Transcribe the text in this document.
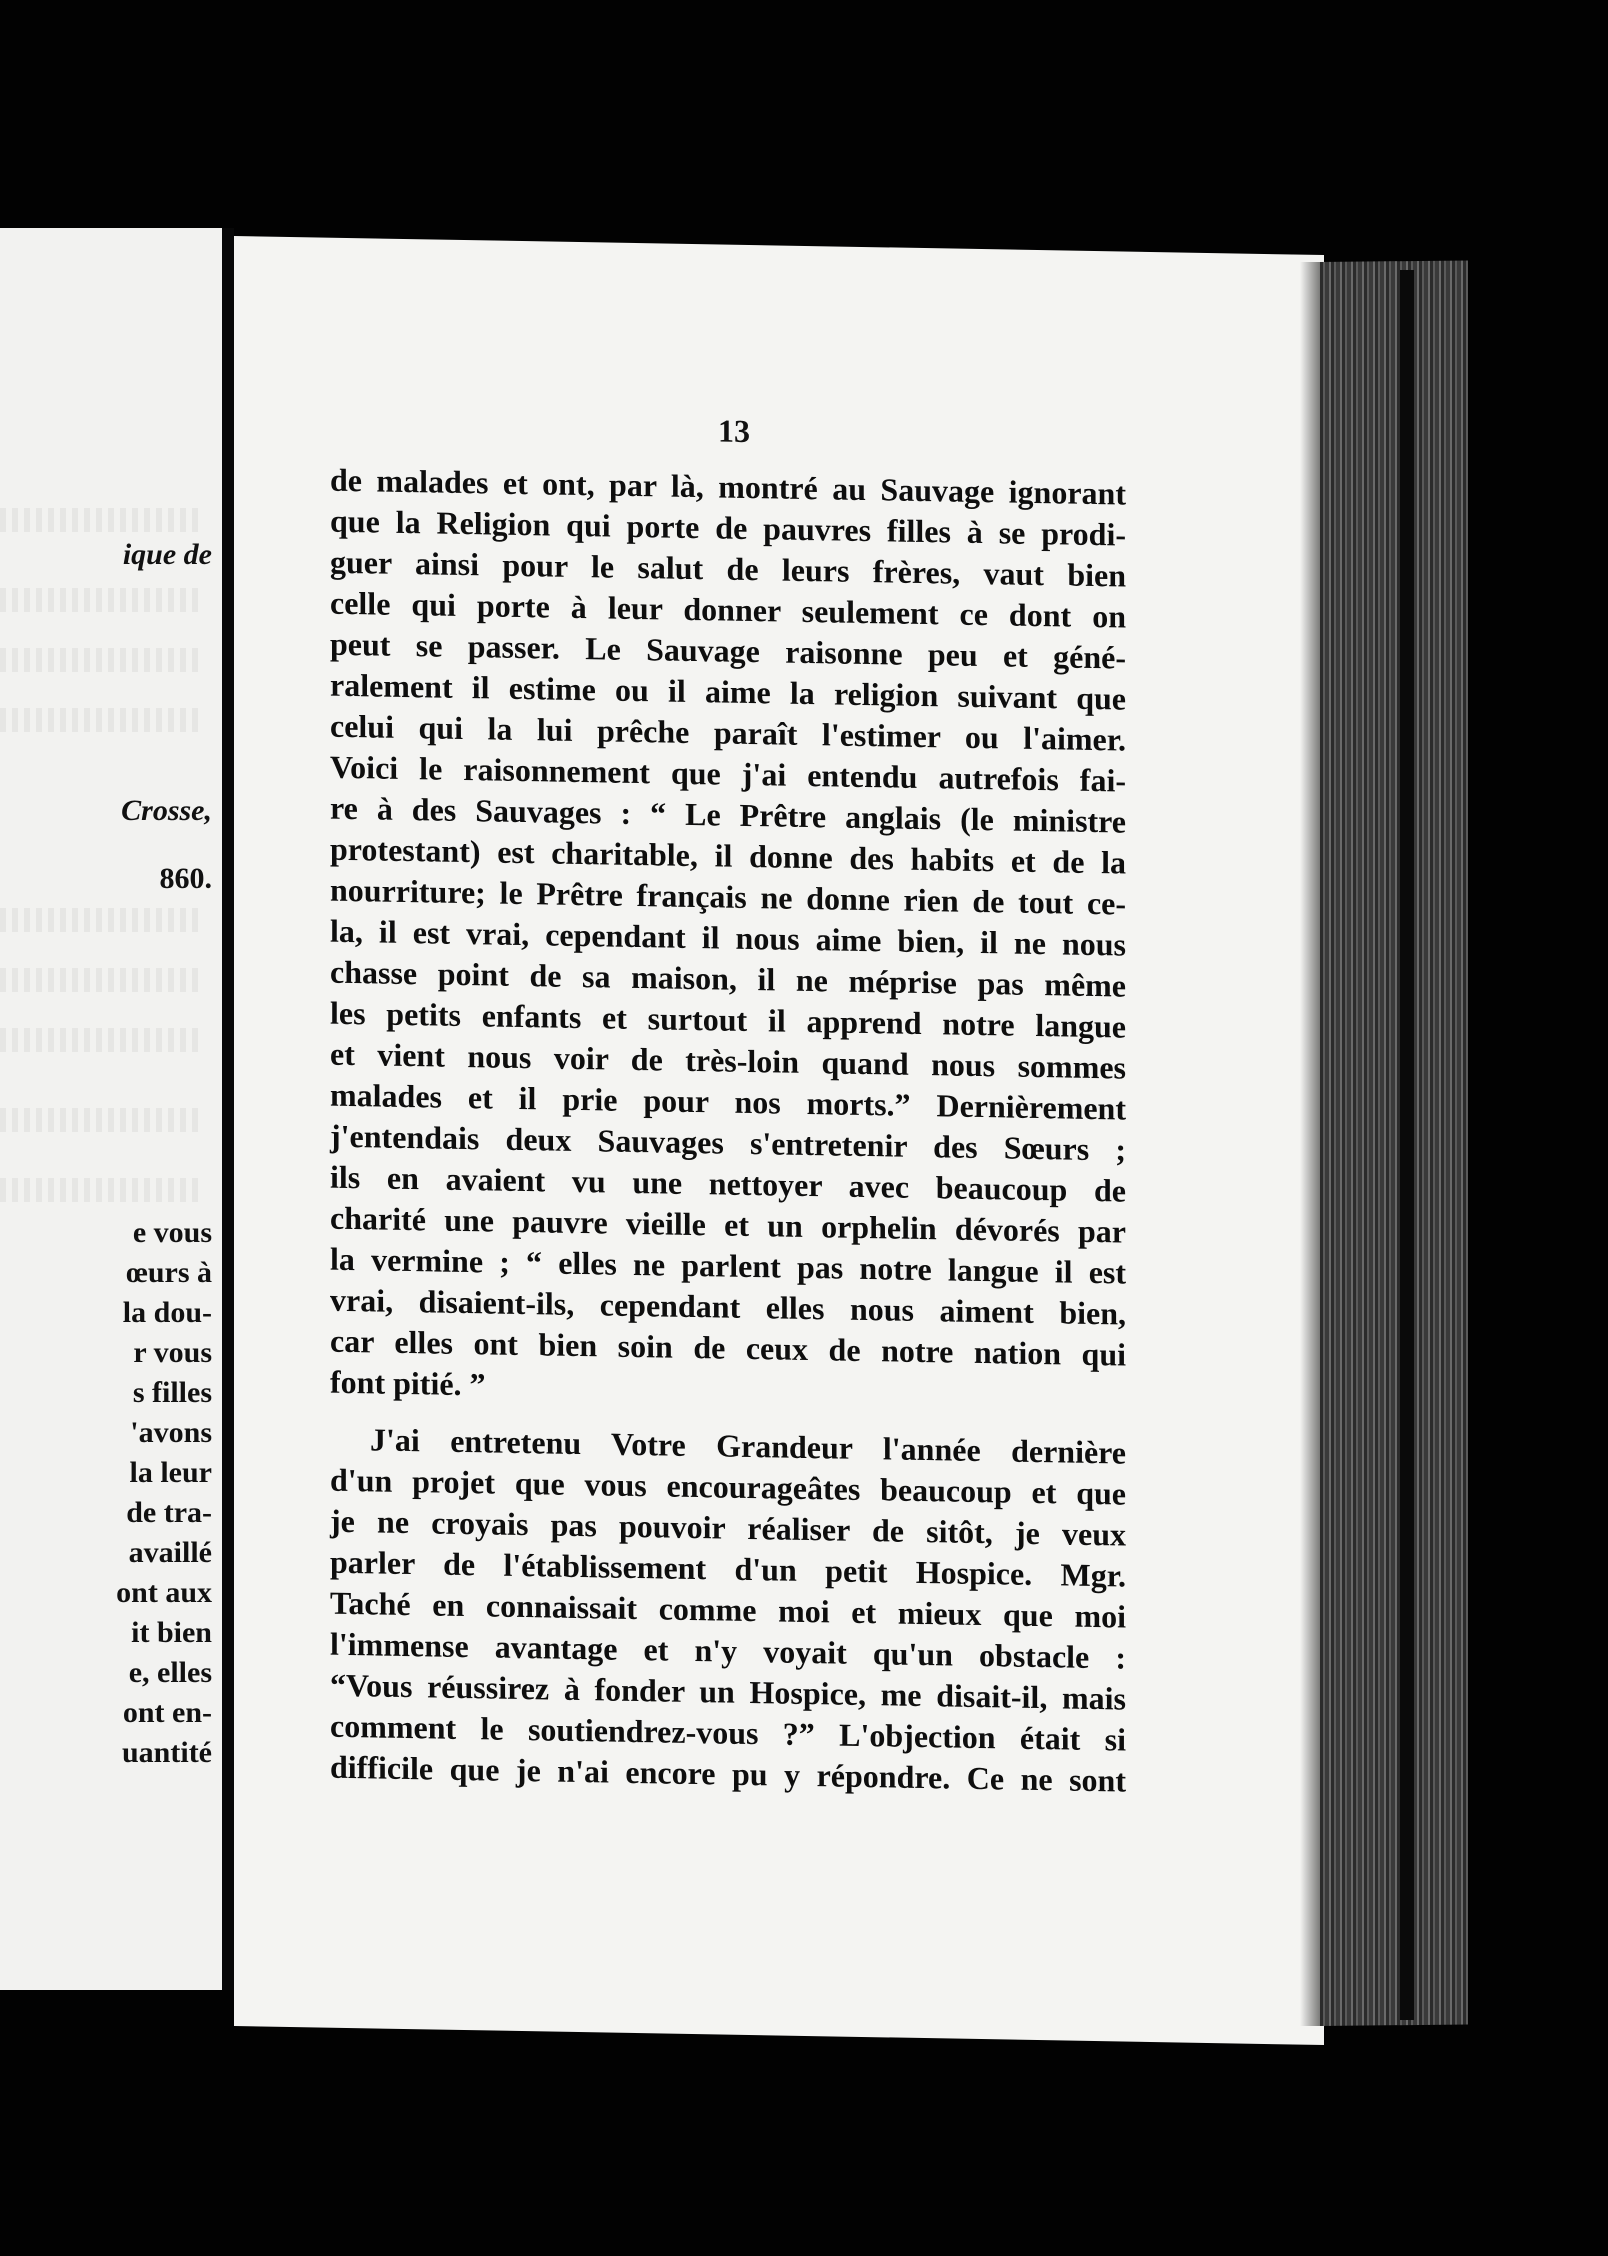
ique de

Crosse,

860.

e vous

œurs à

la dou-

r vous

s filles

'avons

la leur

de tra-

availlé

ont aux

it bien

e, elles

ont en-

uantité

13

de malades et ont, par là, montré au Sauvage ignorant
que la Religion qui porte de pauvres filles à se prodi-
guer ainsi pour le salut de leurs frères, vaut bien
celle qui porte à leur donner seulement ce dont on
peut se passer. Le Sauvage raisonne peu et géné-
ralement il estime ou il aime la religion suivant que
celui qui la lui prêche paraît l'estimer ou l'aimer.
Voici le raisonnement que j'ai entendu autrefois fai-
re à des Sauvages : “ Le Prêtre anglais (le ministre
protestant) est charitable, il donne des habits et de la
nourriture; le Prêtre français ne donne rien de tout ce-
la, il est vrai, cependant il nous aime bien, il ne nous
chasse point de sa maison, il ne méprise pas même
les petits enfants et surtout il apprend notre langue
et vient nous voir de très-loin quand nous sommes
malades et il prie pour nos morts.” Dernièrement
j'entendais deux Sauvages s'entretenir des Sœurs ;
ils en avaient vu une nettoyer avec beaucoup de
charité une pauvre vieille et un orphelin dévorés par
la vermine ; “ elles ne parlent pas notre langue il est
vrai, disaient-ils, cependant elles nous aiment bien,
car elles ont bien soin de ceux de notre nation qui
font pitié. ”
J'ai entretenu Votre Grandeur l'année dernière
d'un projet que vous encourageâtes beaucoup et que
je ne croyais pas pouvoir réaliser de sitôt, je veux
parler de l'établissement d'un petit Hospice. Mgr.
Taché en connaissait comme moi et mieux que moi
l'immense avantage et n'y voyait qu'un obstacle :
“Vous réussirez à fonder un Hospice, me disait-il, mais
comment le soutiendrez-vous ?” L'objection était si
difficile que je n'ai encore pu y répondre. Ce ne sont
